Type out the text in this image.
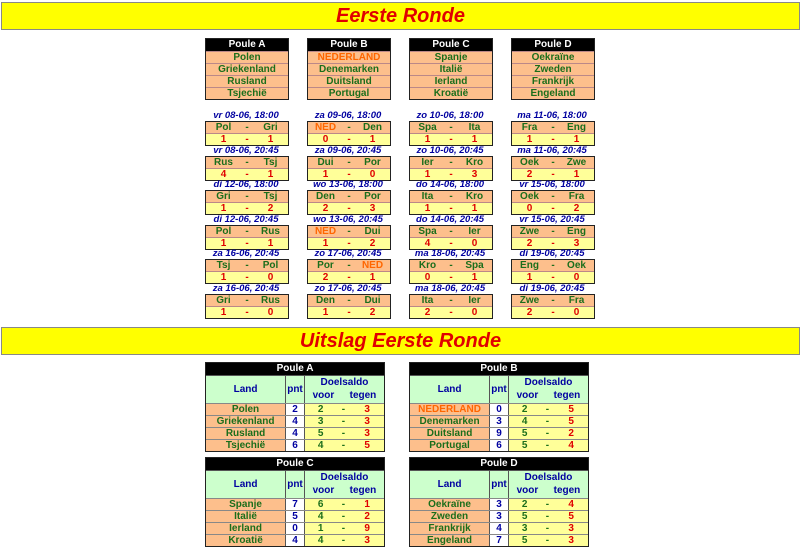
Eerste Ronde
Poule A
Polen
Griekenland
Rusland
Tsjechië
Poule B
NEDERLAND
Denemarken
Duitsland
Portugal
Poule C
Spanje
Italië
Ierland
Kroatië
Poule D
Oekraïne
Zweden
Frankrijk
Engeland
vr 08-06, 18:00
Pol	-	Gri
1	-	1
vr 08-06, 20:45
Rus	-	Tsj
4	-	1
di 12-06, 18:00
Gri	-	Tsj
1	-	2
di 12-06, 20:45
Pol	-	Rus
1	-	1
za 16-06, 20:45
Tsj	-	Pol
1	-	0
za 16-06, 20:45
Gri	-	Rus
1	-	0
za 09-06, 18:00
NED	-	Den
0	-	1
za 09-06, 20:45
Dui	-	Por
1	-	0
wo 13-06, 18:00
Den	-	Por
2	-	3
wo 13-06, 20:45
NED	-	Dui
1	-	2
zo 17-06, 20:45
Por	-	NED
2	-	1
zo 17-06, 20:45
Den	-	Dui
1	-	2
zo 10-06, 18:00
Spa	-	Ita
1	-	1
zo 10-06, 20:45
Ier	-	Kro
1	-	3
do 14-06, 18:00
Ita	-	Kro
1	-	1
do 14-06, 20:45
Spa	-	Ier
4	-	0
ma 18-06, 20:45
Kro	-	Spa
0	-	1
ma 18-06, 20:45
Ita	-	Ier
2	-	0
ma 11-06, 18:00
Fra	-	Eng
1	-	1
ma 11-06, 20:45
Oek	-	Zwe
2	-	1
vr 15-06, 18:00
Oek	-	Fra
0	-	2
vr 15-06, 20:45
Zwe	-	Eng
2	-	3
di 19-06, 20:45
Eng	-	Oek
1	-	0
di 19-06, 20:45
Zwe	-	Fra
2	-	0
Uitslag Eerste Ronde
Poule A
Land	pnt
Doelsaldo
voor tegen
Polen	2	2	-	3
Griekenland	4	3	-	3
Rusland	4	5	-	3
Tsjechië	6	4	-	5
Poule B
Land	pnt
Doelsaldo
voor tegen
NEDERLAND	0	2	-	5
Denemarken	3	4	-	5
Duitsland	9	5	-	2
Portugal	6	5	-	4
Poule C
Land	pnt
Doelsaldo
voor tegen
Spanje	7	6	-	1
Italië	5	4	-	2
Ierland	0	1	-	9
Kroatië	4	4	-	3
Poule D
Land	pnt
Doelsaldo
voor tegen
Oekraïne	3	2	-	4
Zweden	3	5	-	5
Frankrijk	4	3	-	3
Engeland	7	5	-	3
